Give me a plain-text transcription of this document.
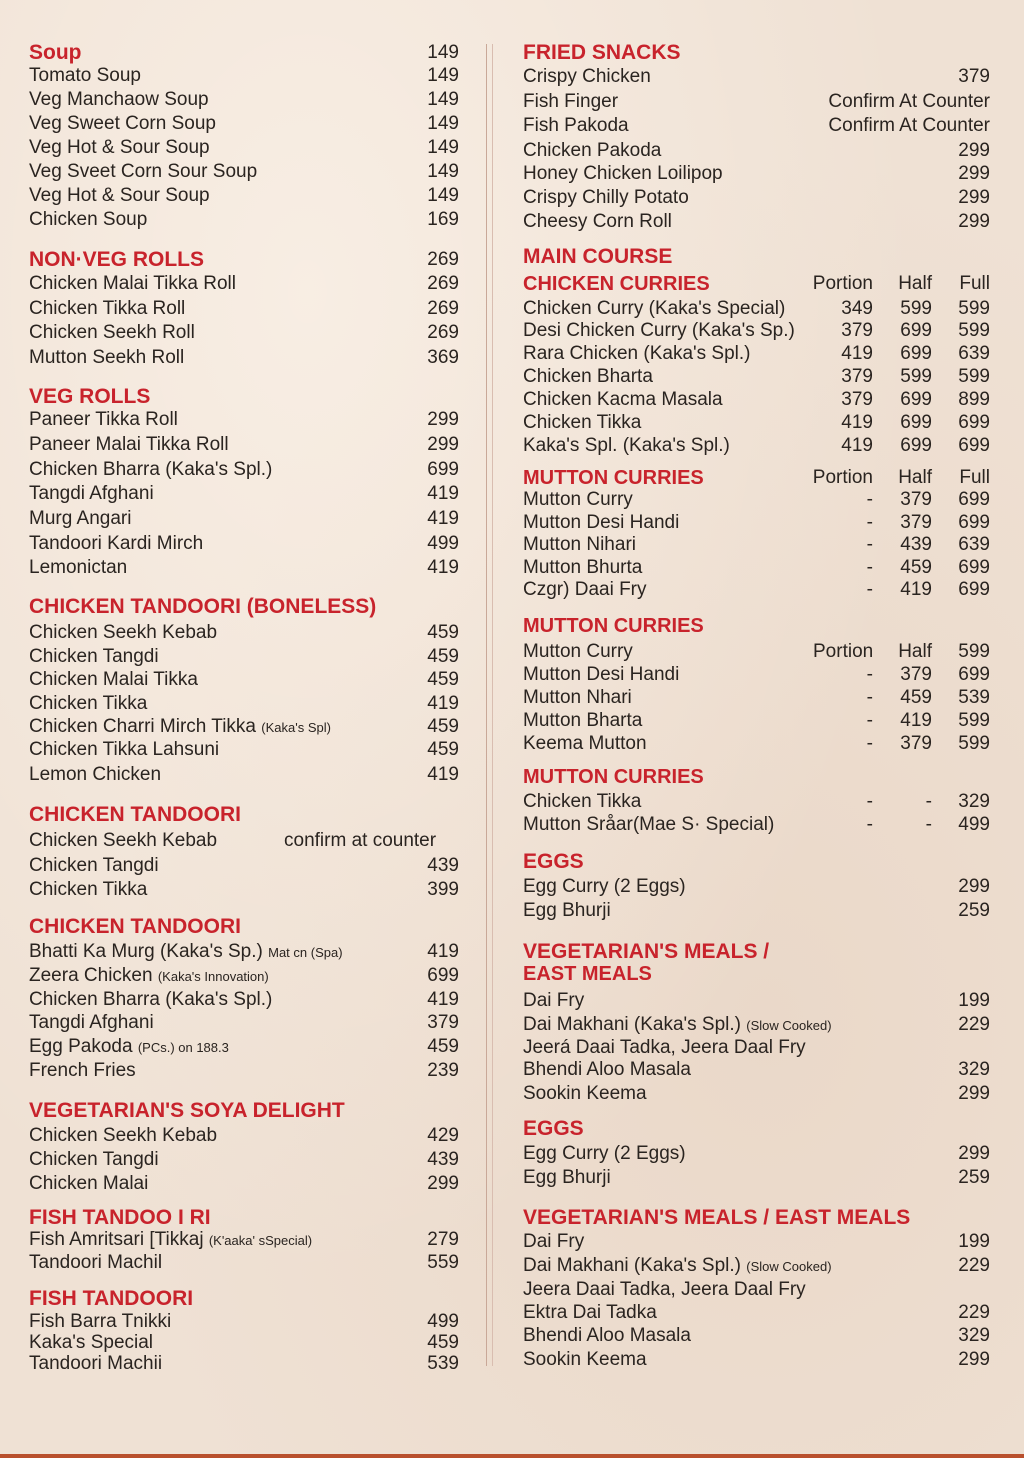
Soup	149
Tomato Soup	149
Veg Manchaow Soup	149
Veg Sweet Corn Soup	149
Veg Hot & Sour Soup	149
Veg Sveet Corn Sour Soup	149
Veg Hot & Sour Soup	149
Chicken Soup	169
NON·VEG ROLLS	269
Chicken Malai Tikka Roll	269
Chicken Tikka Roll	269
Chicken Seekh Roll	269
Mutton Seekh Roll	369
VEG ROLLS
Paneer Tikka Roll	299
Paneer Malai Tikka Roll	299
Chicken Bharra (Kaka's Spl.)	699
Tangdi Afghani	419
Murg Angari	419
Tandoori Kardi Mirch	499
Lemonictan	419
CHICKEN TANDOORI (BONELESS)
Chicken Seekh Kebab	459
Chicken Tangdi	459
Chicken Malai Tikka	459
Chicken Tikka	419
Chicken Charri Mirch Tikka (Kaka's Spl)	459
Chicken Tikka Lahsuni	459
Lemon Chicken	419
CHICKEN TANDOORI
Chicken Seekh Kebab	confirm at counter
Chicken Tangdi	439
Chicken Tikka	399
CHICKEN TANDOORI
Bhatti Ka Murg (Kaka's Sp.) Mat cn (Spa)	419
Zeera Chicken (Kaka's Innovation)	699
Chicken Bharra (Kaka's Spl.)	419
Tangdi Afghani	379
Egg Pakoda (PCs.) on 188.3	459
French Fries	239
VEGETARIAN'S SOYA DELIGHT
Chicken Seekh Kebab	429
Chicken Tangdi	439
Chicken Malai	299
FISH TANDOO I RI
Fish Amritsari [Tikkaj (K'aaka' sSpecial)	279
Tandoori Machil	559
FISH TANDOORI
Fish Barra Tnikki	499
Kaka's Special	459
Tandoori Machii	539
FRIED SNACKS
Crispy Chicken	379
Fish Finger	Confirm At Counter
Fish Pakoda	Confirm At Counter
Chicken Pakoda	299
Honey Chicken Loilipop	299
Crispy Chilly Potato	299
Cheesy Corn Roll	299
MAIN COURSE
CHICKEN CURRIES	Portion	Half	Full
Chicken Curry (Kaka's Special)	349	599	599
Desi Chicken Curry (Kaka's Sp.)	379	699	599
Rara Chicken (Kaka's Spl.)	419	699	639
Chicken Bharta	379	599	599
Chicken Kacma Masala	379	699	899
Chicken Tikka	419	699	699
Kaka's Spl. (Kaka's Spl.)	419	699	699
MUTTON CURRIES	Portion	Half	Full
Mutton Curry	-	379	699
Mutton Desi Handi	-	379	699
Mutton Nihari	-	439	639
Mutton Bhurta	-	459	699
Czgr) Daai Fry	-	419	699
MUTTON CURRIES
Mutton Curry	Portion	Half	599
Mutton Desi Handi	-	379	699
Mutton Nhari	-	459	539
Mutton Bharta	-	419	599
Keema Mutton	-	379	599
MUTTON CURRIES
Chicken Tikka	-	-	329
Mutton Sråar(Mae S· Special)	-	-	499
EGGS
Egg Curry (2 Eggs)	299
Egg Bhurji	259
VEGETARIAN'S MEALS /
EAST MEALS
Dai Fry	199
Dai Makhani (Kaka's Spl.) (Slow Cooked)	229
Jeerá Daai Tadka, Jeera Daal Fry
Bhendi Aloo Masala	329
Sookin Keema	299
EGGS
Egg Curry (2 Eggs)	299
Egg Bhurji	259
VEGETARIAN'S MEALS / EAST MEALS
Dai Fry	199
Dai Makhani (Kaka's Spl.) (Slow Cooked)	229
Jeera Daai Tadka, Jeera Daal Fry
Ektra Dai Tadka	229
Bhendi Aloo Masala	329
Sookin Keema	299
